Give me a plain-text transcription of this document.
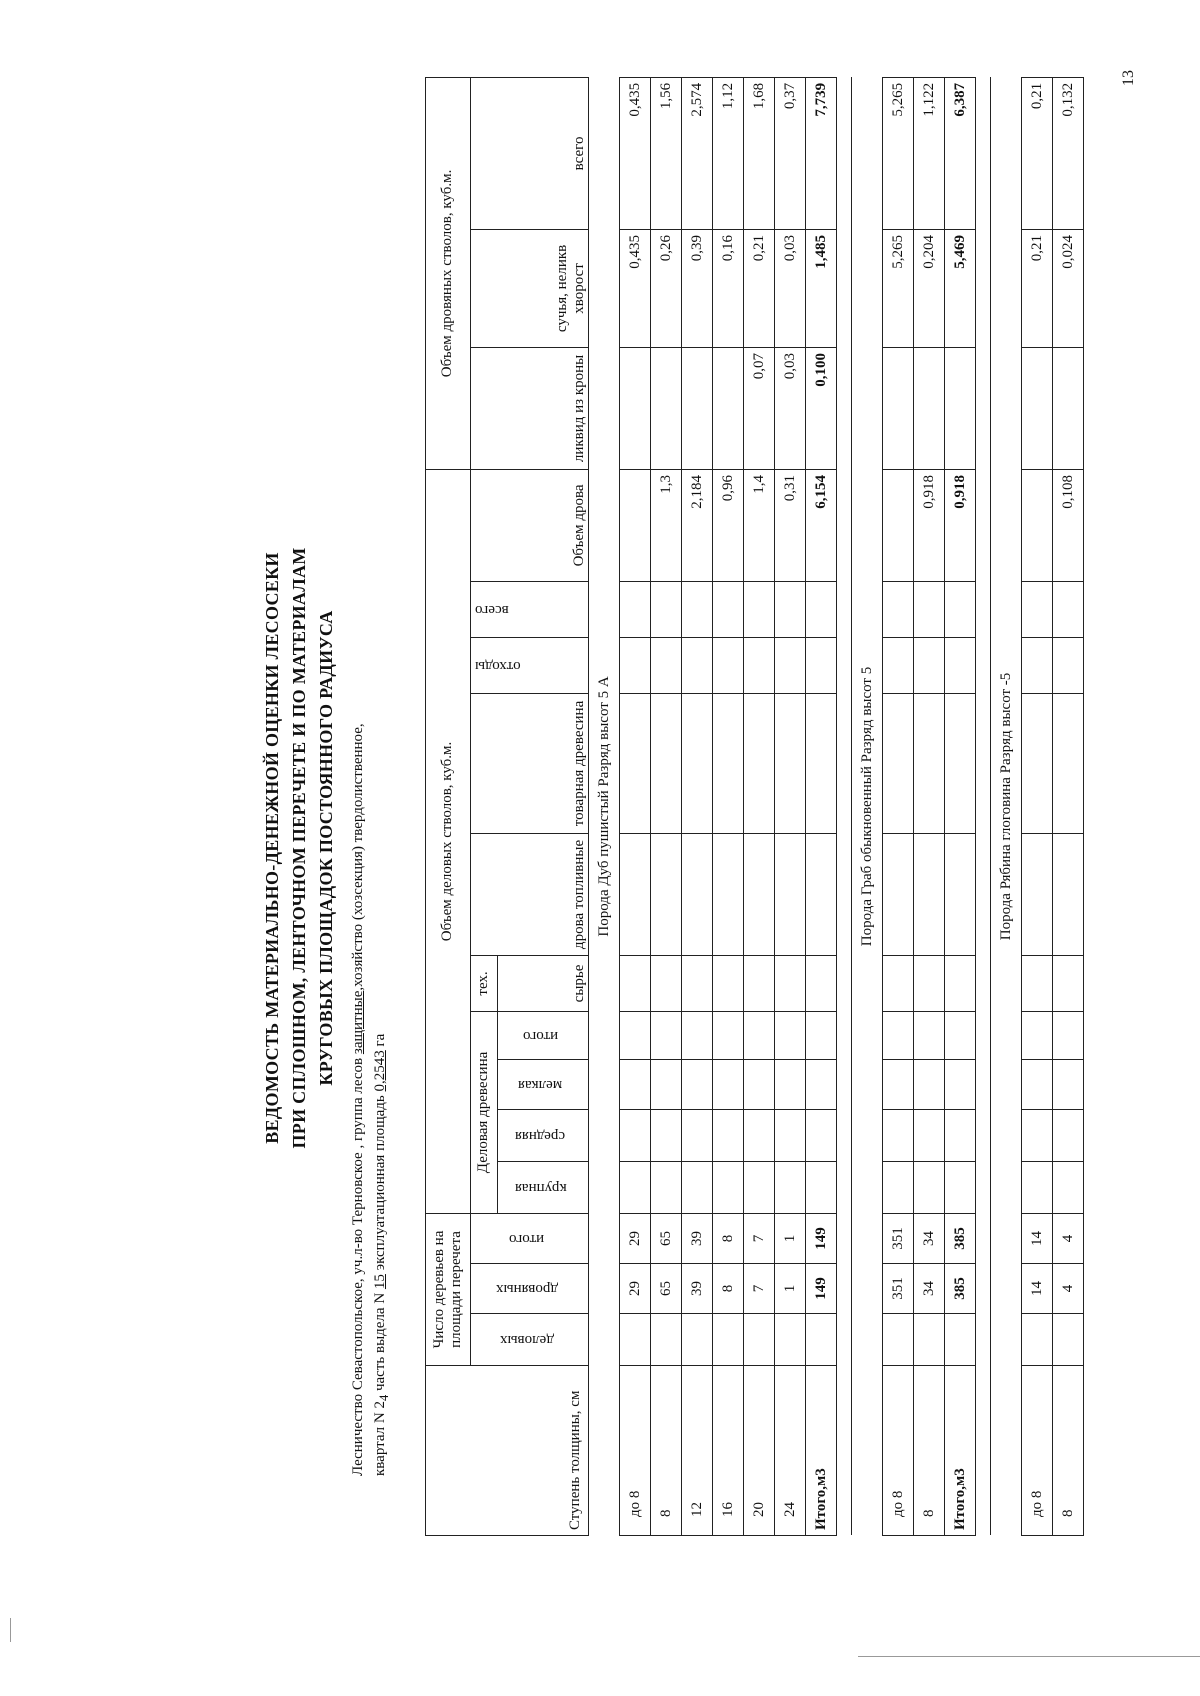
ВЕДОМОСТЬ МАТЕРИАЛЬНО-ДЕНЕЖНОЙ ОЦЕНКИ ЛЕСОСЕКИ ПРИ СПЛОШНОМ, ЛЕНТОЧНОМ ПЕРЕЧЕТЕ И ПО МАТЕРИАЛАМ КРУГОВЫХ ПЛОЩАДОК ПОСТОЯННОГО РАДИУСА
Лесничество Севастопольское, уч.л-во Терновское , группа лесов защитные,хозяйство (хозсекция) твердолиственное,
квартал N $2_4$ часть выдела N 15 эксплуатационная площадь 0,2543 га
Ступень толщины, см	Число деревьев на площади перечета			Объем деловых стволов, куб.м.										Объем дровяных стволов, куб.м.		
	деловых	дровяных	итого	Деловая древесина				тех.	дрова топливные	товарная древесина	отходы	всего	Объем дрова	ликвид из кроны	сучья, неликв хворост	всего
				крупная	средняя	мелкая	итого	сырье								

Порода Дуб пушистый Разряд высот 5 А																
до 8		29	29												0,435	0,435
8		65	65										1,3		0,26	1,56
12		39	39										2,184		0,39	2,574
16		8	8										0,96		0,16	1,12
20		7	7										1,4	0,07	0,21	1,68
24		1	1										0,31	0,03	0,03	0,37
Итого,м3		149	149										6,154	0,100	1,485	7,739

Порода Граб обыкновенный Разряд высот 5																
до 8		351	351												5,265	5,265
8		34	34										0,918		0,204	1,122
Итого,м3		385	385										0,918		5,469	6,387

Порода Рябина глоговина Разряд высот -5																
до 8		14	14												0,21	0,21
8		4	4										0,108		0,024	0,132
13
